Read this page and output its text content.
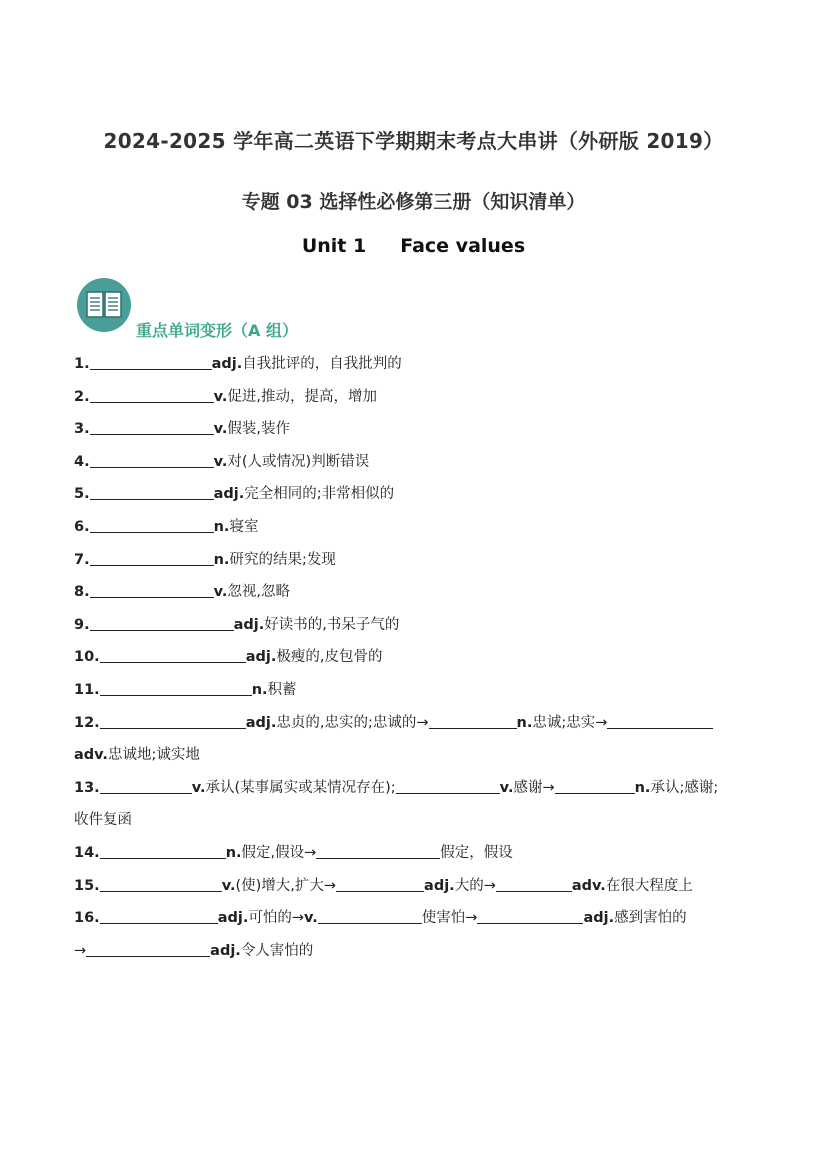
2024-2025 学年高二英语下学期期末考点大串讲（外研版 2019）
专题 03 选择性必修第三册（知识清单）
Unit 1 Face values
重点单词变形（A 组）
1.	adj.自我批评的，自我批判的
2.	v.促进,推动，提高，增加
3.	v.假装,装作
4.	v.对(人或情况)判断错误
5.	adj.完全相同的;非常相似的
6.	n.寝室
7.	n.研究的结果;发现
8.	v.忽视,忽略
9.	adj.好读书的,书呆子气的
10.	adj.极瘦的,皮包骨的
11.	n.积蓄
12.	adj.忠贞的,忠实的;忠诚的→	n.忠诚;忠实→
adv.忠诚地;诚实地
13.	v.承认(某事属实或某情况存在);	v.感谢→	n.承认;感谢;
收件复函
14.	n.假定,假设→	假定，假设
15.	v.(使)增大,扩大→	adj.大的→	adv.在很大程度上
16.	adj.可怕的→v.	使害怕→	adj.感到害怕的
→	adj.令人害怕的
